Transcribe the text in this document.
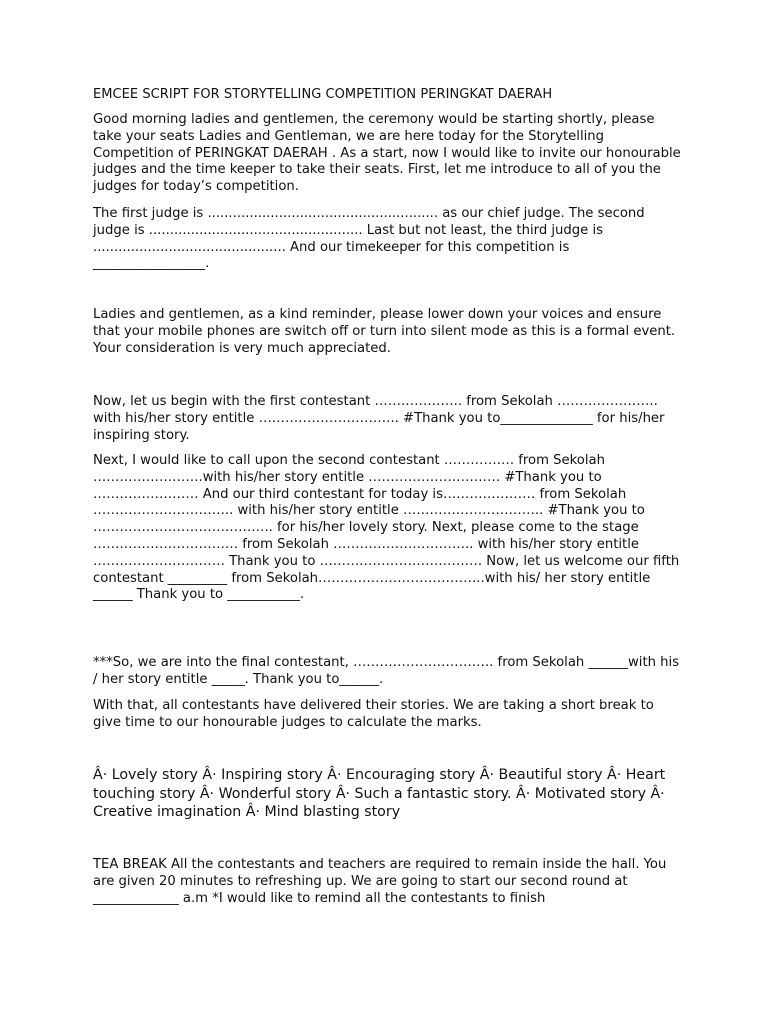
EMCEE SCRIPT FOR STORYTELLING COMPETITION PERINGKAT DAERAH

Good morning ladies and gentlemen, the ceremony would be starting shortly, please take your seats Ladies and Gentleman, we are here today for the Storytelling Competition of PERINGKAT DAERAH . As a start, now I would like to invite our honourable judges and the time keeper to take their seats. First, let me introduce to all of you the judges for today’s competition.

The first judge is ....................................................... as our chief judge. The second judge is ................................................... Last but not least, the third judge is .............................................. And our timekeeper for this competition is _________________.

Ladies and gentlemen, as a kind reminder, please lower down your voices and ensure that your mobile phones are switch off or turn into silent mode as this is a formal event. Your consideration is very much appreciated.

Now, let us begin with the first contestant ……………….. from Sekolah ………………….. with his/her story entitle ………………………….. #Thank you to______________ for his/her inspiring story.

Next, I would like to call upon the second contestant ……………. from Sekolah …………………….with his/her story entitle ………………………… #Thank you to …………………… And our third contestant for today is………………… from Sekolah ………………………….. with his/her story entitle ………………………….. #Thank you to ………………………………….. for his/her lovely story. Next, please come to the stage …………………………… from Sekolah ………………………….. with his/her story entitle ………………………… Thank you to ………………………………. Now, let us welcome our fifth contestant _________ from Sekolah………………………………..with his/ her story entitle ______ Thank you to ___________.

***So, we are into the final contestant, ………………………….. from Sekolah ______with his / her story entitle _____. Thank you to______.

With that, all contestants have delivered their stories. We are taking a short break to give time to our honourable judges to calculate the marks.

Â· Lovely story Â· Inspiring story Â· Encouraging story Â· Beautiful story Â· Heart touching story Â· Wonderful story Â· Such a fantastic story. Â· Motivated story Â· Creative imagination Â· Mind blasting story

TEA BREAK All the contestants and teachers are required to remain inside the hall. You are given 20 minutes to refreshing up. We are going to start our second round at _____________ a.m *I would like to remind all the contestants to finish
